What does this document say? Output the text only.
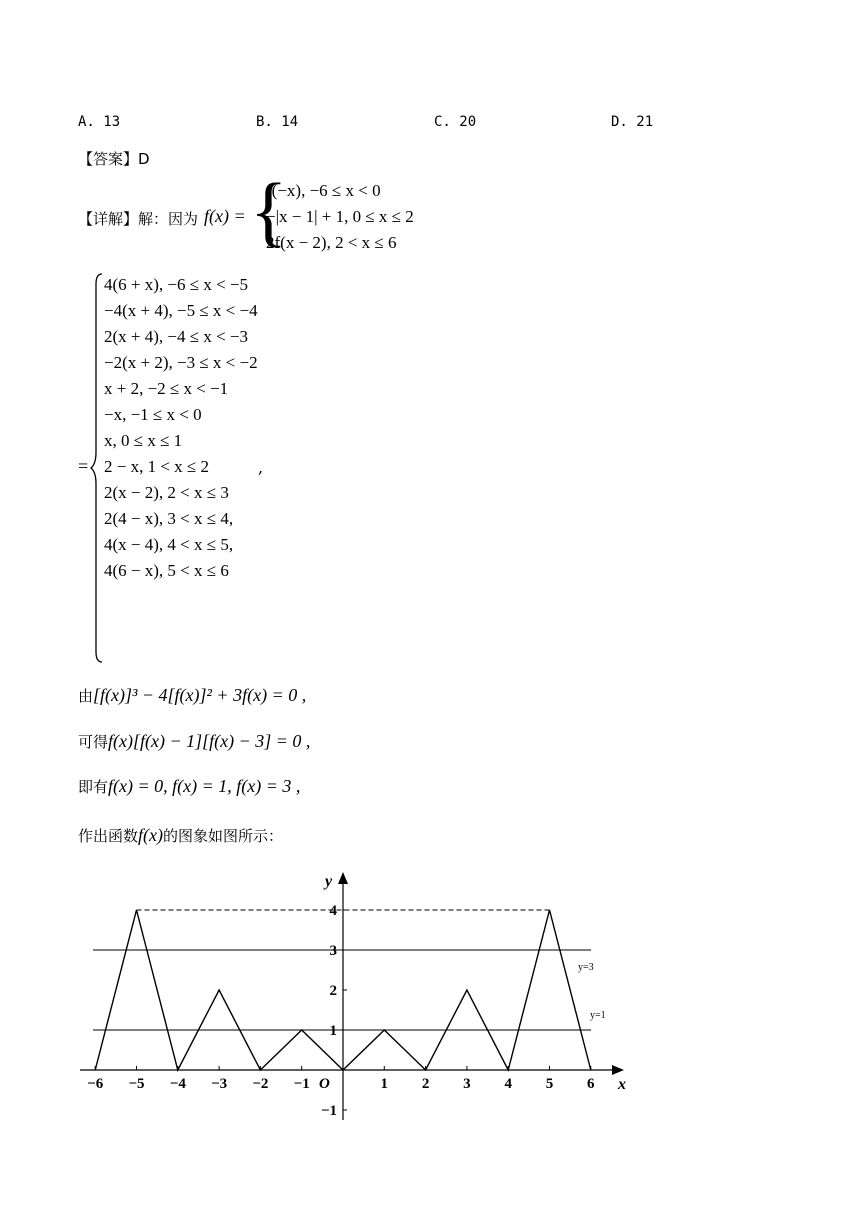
A. 13	B. 14	C. 20	D. 21
【答案】D
【详解】解：因为 f(x) = {
f(−x), −6 ≤ x < 0
−|x − 1| + 1, 0 ≤ x ≤ 2
2f(x − 2), 2 < x ≤ 6
=
4(6 + x), −6 ≤ x < −5
−4(x + 4), −5 ≤ x < −4
2(x + 4), −4 ≤ x < −3
−2(x + 2), −3 ≤ x < −2
x + 2, −2 ≤ x < −1
−x, −1 ≤ x < 0
x, 0 ≤ x ≤ 1
2 − x, 1 < x ≤ 2
2(x − 2), 2 < x ≤ 3
2(4 − x), 3 < x ≤ 4,
4(x − 4), 4 < x ≤ 5,
4(6 − x), 5 < x ≤ 6
,
由[f(x)]³ − 4[f(x)]² + 3f(x) = 0 ,
可得f(x)[f(x) − 1][f(x) − 3] = 0 ,
即有f(x) = 0, f(x) = 1, f(x) = 3 ,
作出函数f(x)的图象如图所示：
x
y
O
y=3
y=1
−6 −5 −4 −3 −2 −1	1 2 3 4 5 6
−1
1
2
3
4
